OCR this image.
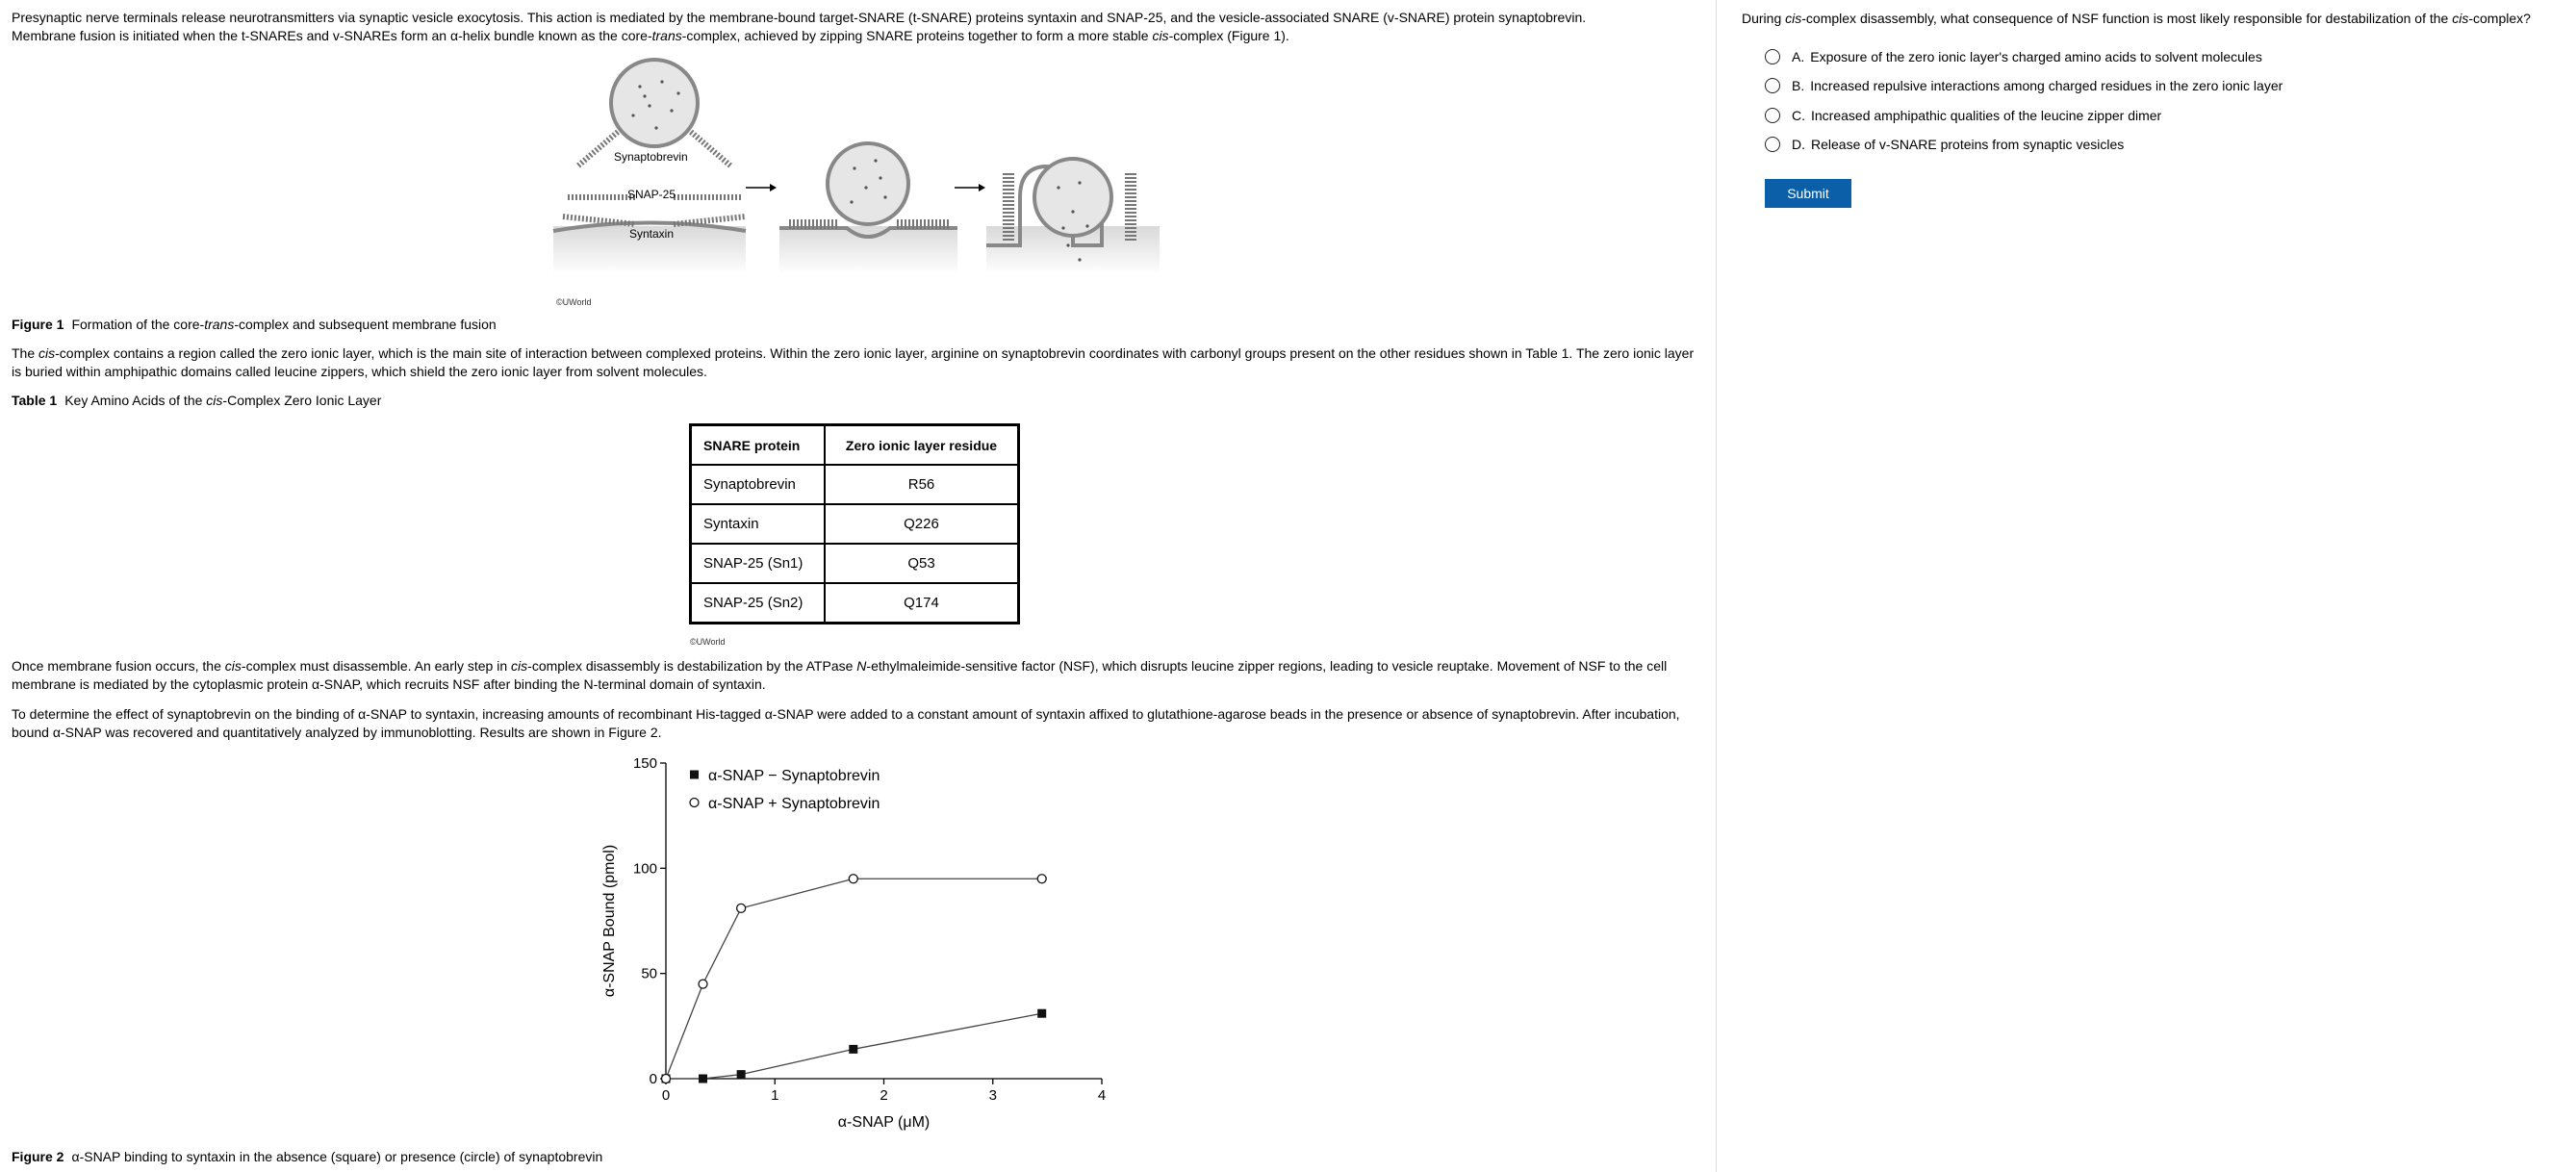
Presynaptic nerve terminals release neurotransmitters via synaptic vesicle exocytosis. This action is mediated by the membrane-bound target-SNARE (t-SNARE) proteins syntaxin and SNAP-25, and the vesicle-associated SNARE (v-SNARE) protein synaptobrevin.
Membrane fusion is initiated when the t-SNAREs and v-SNAREs form an α-helix bundle known as the core-trans-complex, achieved by zipping SNARE proteins together to form a more stable cis-complex (Figure 1).

Synaptobrevin
SNAP-25
Syntaxin
©UWorld

Figure 1 Formation of the core-trans-complex and subsequent membrane fusion

The cis-complex contains a region called the zero ionic layer, which is the main site of interaction between complexed proteins. Within the zero ionic layer, arginine on synaptobrevin coordinates with carbonyl groups present on the other residues shown in Table 1. The zero ionic layer is buried within amphipathic domains called leucine zippers, which shield the zero ionic layer from solvent molecules.

Table 1 Key Amino Acids of the cis-Complex Zero Ionic Layer

SNARE protein	Zero ionic layer residue
Synaptobrevin	R56
Syntaxin	Q226
SNAP-25 (Sn1)	Q53
SNAP-25 (Sn2)	Q174
©UWorld

Once membrane fusion occurs, the cis-complex must disassemble. An early step in cis-complex disassembly is destabilization by the ATPase N-ethylmaleimide-sensitive factor (NSF), which disrupts leucine zipper regions, leading to vesicle reuptake. Movement of NSF to the cell membrane is mediated by the cytoplasmic protein α-SNAP, which recruits NSF after binding the N-terminal domain of syntaxin.

To determine the effect of synaptobrevin on the binding of α-SNAP to syntaxin, increasing amounts of recombinant His-tagged α-SNAP were added to a constant amount of syntaxin affixed to glutathione-agarose beads in the presence or absence of synaptobrevin. After incubation, bound α-SNAP was recovered and quantitatively analyzed by immunoblotting. Results are shown in Figure 2.

0
50
100
150
0	1	2	3	4
α-SNAP (μM)
α-SNAP Bound (pmol)
α-SNAP − Synaptobrevin
α-SNAP + Synaptobrevin

Figure 2 α-SNAP binding to syntaxin in the absence (square) or presence (circle) of synaptobrevin

During cis-complex disassembly, what consequence of NSF function is most likely responsible for destabilization of the cis-complex?

A. Exposure of the zero ionic layer's charged amino acids to solvent molecules
B. Increased repulsive interactions among charged residues in the zero ionic layer
C. Increased amphipathic qualities of the leucine zipper dimer
D. Release of v-SNARE proteins from synaptic vesicles
Submit
